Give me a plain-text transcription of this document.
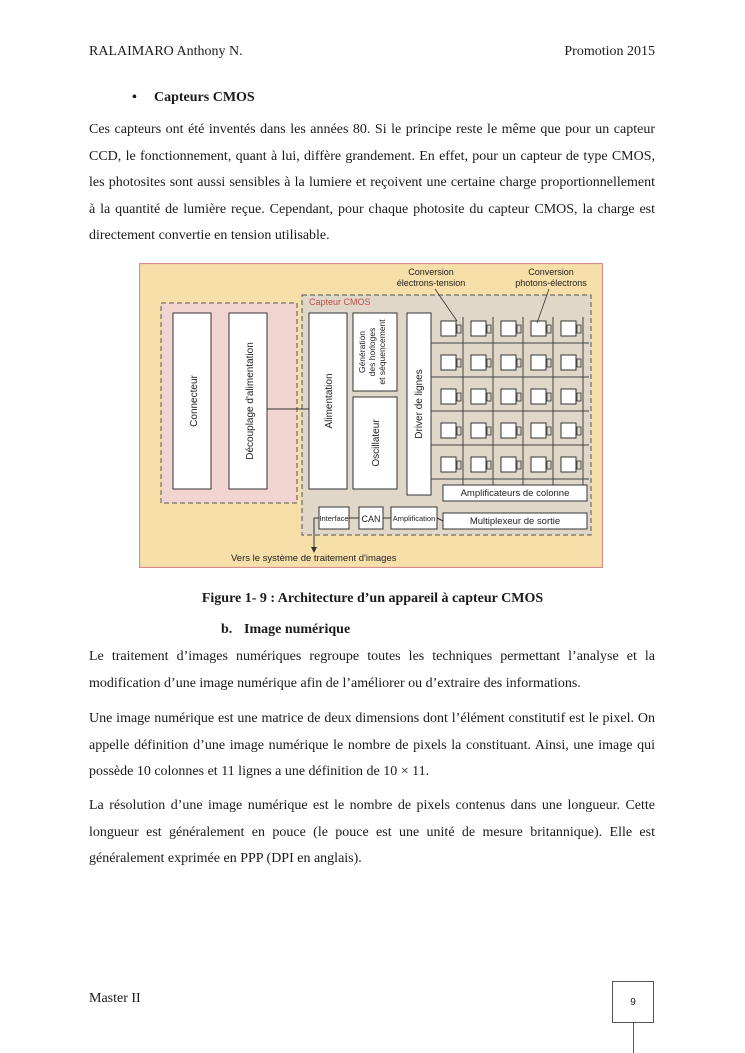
RALAIMARO Anthony N.	Promotion 2015
• Capteurs CMOS
Ces capteurs ont été inventés dans les années 80. Si le principe reste le même que pour un capteur CCD, le fonctionnement, quant à lui, diffère grandement. En effet, pour un capteur de type CMOS, les photosites sont aussi sensibles à la lumiere et reçoivent une certaine charge proportionnellement à la quantité de lumière reçue. Cependant, pour chaque photosite du capteur CMOS, la charge est directement convertie en tension utilisable.
Connecteur	Découplage d'alimentation
Capteur CMOS
Alimentation
Génération des horloges et séquencement
Oscillateur
Driver de lignes
Conversion
électrons-tension
Conversion
photons-électrons
Amplificateurs de colonne
Multiplexeur de sortie
Interface CAN Amplification
Vers le système de traitement d'images
Figure 1- 9 : Architecture d’un appareil à capteur CMOS
b. Image numérique
Le traitement d’images numériques regroupe toutes les techniques permettant l’analyse et la modification d’une image numérique afin de l’améliorer ou d’extraire des informations.
Une image numérique est une matrice de deux dimensions dont l’élément constitutif est le pixel. On appelle définition d’une image numérique le nombre de pixels la constituant. Ainsi, une image qui possède 10 colonnes et 11 lignes a une définition de 10 × 11.
La résolution d’une image numérique est le nombre de pixels contenus dans une longueur. Cette longueur est généralement en pouce (le pouce est une unité de mesure britannique). Elle est généralement exprimée en PPP (DPI en anglais).
Master II	9
